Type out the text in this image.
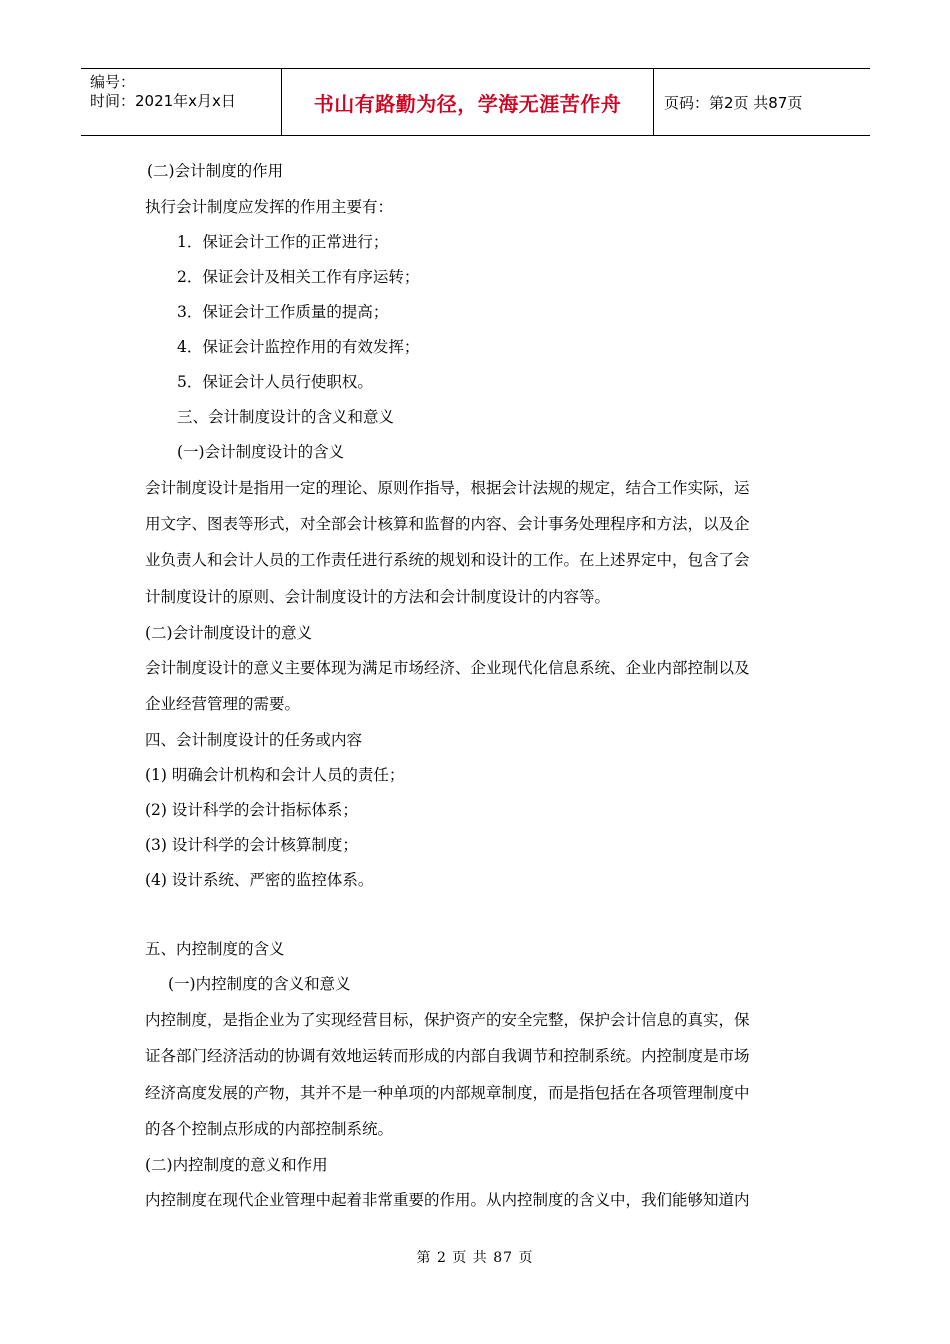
编号：
时间：2021年x月x日	书山有路勤为径，学海无涯苦作舟	页码：第2页 共87页
(二)会计制度的作用
执行会计制度应发挥的作用主要有：
1．保证会计工作的正常进行；
2．保证会计及相关工作有序运转；
3．保证会计工作质量的提高；
4．保证会计监控作用的有效发挥；
5．保证会计人员行使职权。
三、会计制度设计的含义和意义
(一)会计制度设计的含义
会计制度设计是指用一定的理论、原则作指导，根据会计法规的规定，结合工作实际，运
用文字、图表等形式，对全部会计核算和监督的内容、会计事务处理程序和方法，以及企
业负责人和会计人员的工作责任进行系统的规划和设计的工作。在上述界定中，包含了会
计制度设计的原则、会计制度设计的方法和会计制度设计的内容等。
(二)会计制度设计的意义
会计制度设计的意义主要体现为满足市场经济、企业现代化信息系统、企业内部控制以及
企业经营管理的需要。
四、会计制度设计的任务或内容
(1) 明确会计机构和会计人员的责任；
(2) 设计科学的会计指标体系；
(3) 设计科学的会计核算制度；
(4) 设计系统、严密的监控体系。
五、内控制度的含义
(一)内控制度的含义和意义
内控制度，是指企业为了实现经营目标，保护资产的安全完整，保护会计信息的真实，保
证各部门经济活动的协调有效地运转而形成的内部自我调节和控制系统。内控制度是市场
经济高度发展的产物，其并不是一种单项的内部规章制度，而是指包括在各项管理制度中
的各个控制点形成的内部控制系统。
(二)内控制度的意义和作用
内控制度在现代企业管理中起着非常重要的作用。从内控制度的含义中，我们能够知道内
第 2 页 共 87 页
